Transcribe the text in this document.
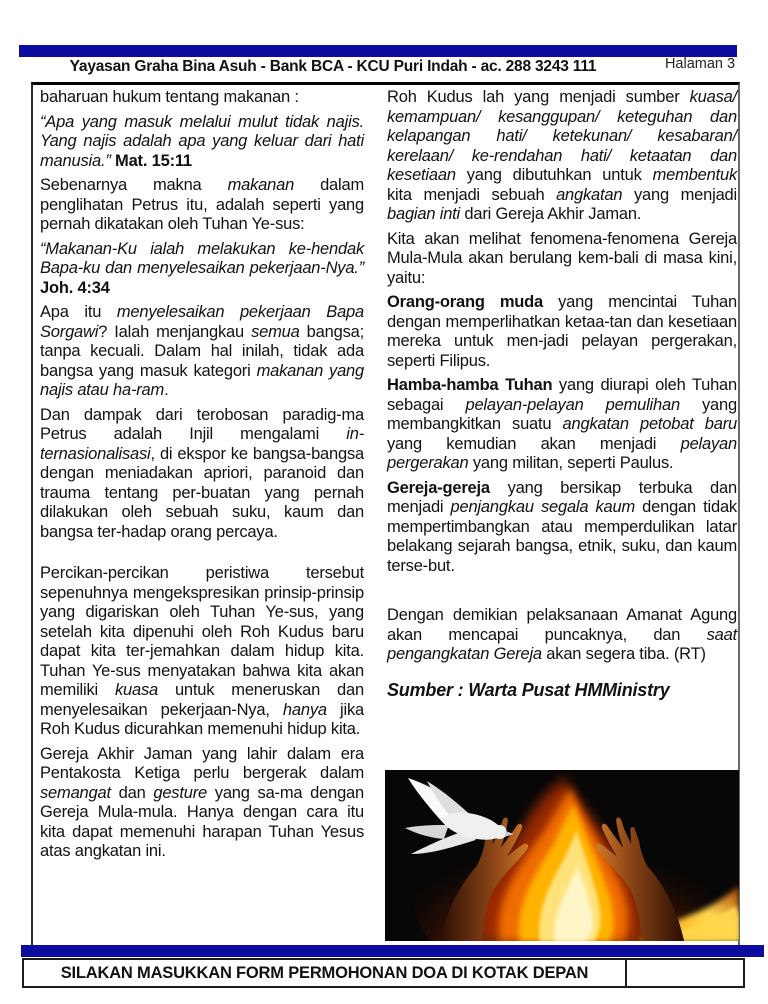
Yayasan Graha Bina Asuh - Bank BCA - KCU Puri Indah - ac. 288 3243 111	Halaman 3

baharuan hukum tentang makanan :

“Apa yang masuk melalui mulut tidak najis. Yang najis adalah apa yang keluar dari hati manusia.” Mat. 15:11

Sebenarnya makna makanan dalam penglihatan Petrus itu, adalah seperti yang pernah dikatakan oleh Tuhan Ye-sus:

“Makanan-Ku ialah melakukan ke-hendak Bapa-ku dan menyelesaikan pekerjaan-Nya.” Joh. 4:34

Apa itu menyelesaikan pekerjaan Bapa Sorgawi? Ialah menjangkau semua bangsa; tanpa kecuali. Dalam hal inilah, tidak ada bangsa yang masuk kategori makanan yang najis atau ha-ram.

Dan dampak dari terobosan paradig-ma Petrus adalah Injil mengalami in-ternasionalisasi, di ekspor ke bangsa-bangsa dengan meniadakan apriori, paranoid dan trauma tentang per-buatan yang pernah dilakukan oleh sebuah suku, kaum dan bangsa ter-hadap orang percaya.

Percikan-percikan peristiwa tersebut sepenuhnya mengekspresikan prinsip-prinsip yang digariskan oleh Tuhan Ye-sus, yang setelah kita dipenuhi oleh Roh Kudus baru dapat kita ter-jemahkan dalam hidup kita. Tuhan Ye-sus menyatakan bahwa kita akan memiliki kuasa untuk meneruskan dan menyelesaikan pekerjaan-Nya, hanya jika Roh Kudus dicurahkan memenuhi hidup kita.

Gereja Akhir Jaman yang lahir dalam era Pentakosta Ketiga perlu bergerak dalam semangat dan gesture yang sa-ma dengan Gereja Mula-mula. Hanya dengan cara itu kita dapat memenuhi harapan Tuhan Yesus atas angkatan ini.

Roh Kudus lah yang menjadi sumber kuasa/ kemampuan/ kesanggupan/ keteguhan dan kelapangan hati/ ketekunan/ kesabaran/ kerelaan/ ke-rendahan hati/ ketaatan dan kesetiaan yang dibutuhkan untuk membentuk kita menjadi sebuah angkatan yang menjadi bagian inti dari Gereja Akhir Jaman.

Kita akan melihat fenomena-fenomena Gereja Mula-Mula akan berulang kem-bali di masa kini, yaitu:

Orang-orang muda yang mencintai Tuhan dengan memperlihatkan ketaa-tan dan kesetiaan mereka untuk men-jadi pelayan pergerakan, seperti Filipus.

Hamba-hamba Tuhan yang diurapi oleh Tuhan sebagai pelayan-pelayan pemulihan yang membangkitkan suatu angkatan petobat baru yang kemudian akan menjadi pelayan pergerakan yang militan, seperti Paulus.

Gereja-gereja yang bersikap terbuka dan menjadi penjangkau segala kaum dengan tidak mempertimbangkan atau memperdulikan latar belakang sejarah bangsa, etnik, suku, dan kaum terse-but.

Dengan demikian pelaksanaan Amanat Agung akan mencapai puncaknya, dan saat pengangkatan Gereja akan segera tiba. (RT)

Sumber : Warta Pusat HMMinistry
SILAKAN MASUKKAN FORM PERMOHONAN DOA DI KOTAK DEPAN
